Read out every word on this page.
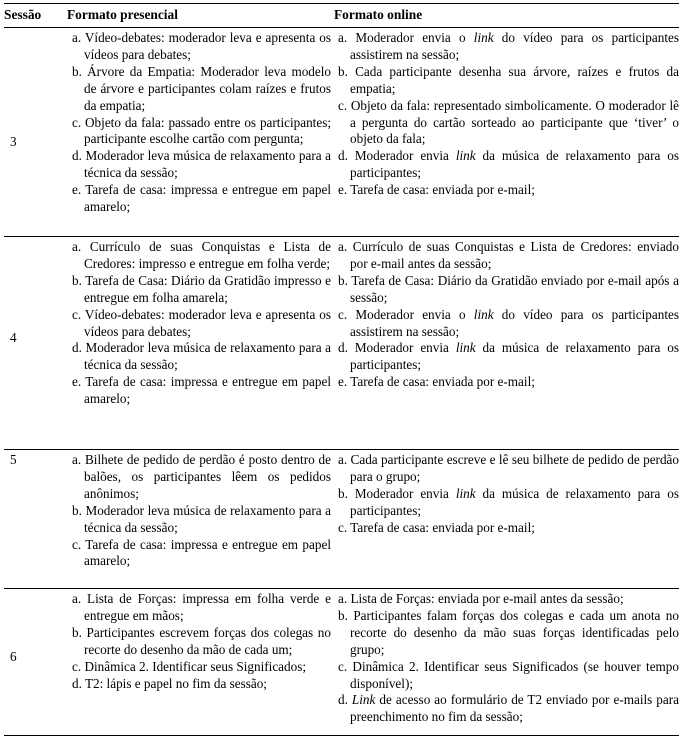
Sessão Formato presencial	Formato online
3
a. Vídeo-debates: moderador leva e apresenta os vídeos para debates;
b. Árvore da Empatia: Moderador leva modelo de árvore e participantes colam raízes e frutos da empatia;
c. Objeto da fala: passado entre os participantes; participante escolhe cartão com pergunta;
d. Moderador leva música de relaxamento para a técnica da sessão;
e. Tarefa de casa: impressa e entregue em papel amarelo;
a. Moderador envia o link do vídeo para os participantes assistirem na sessão;
b. Cada participante desenha sua árvore, raízes e frutos da empatia;
c. Objeto da fala: representado simbolicamente. O moderador lê a pergunta do cartão sorteado ao participante que ‘tiver’ o objeto da fala;
d. Moderador envia link da música de relaxamento para os participantes;
e. Tarefa de casa: enviada por e-mail;
4
a. Currículo de suas Conquistas e Lista de Credores: impresso e entregue em folha verde;
b. Tarefa de Casa: Diário da Gratidão impresso e entregue em folha amarela;
c. Vídeo-debates: moderador leva e apresenta os vídeos para debates;
d. Moderador leva música de relaxamento para a técnica da sessão;
e. Tarefa de casa: impressa e entregue em papel amarelo;
a. Currículo de suas Conquistas e Lista de Credores: enviado por e-mail antes da sessão;
b. Tarefa de Casa: Diário da Gratidão enviado por e-mail após a sessão;
c. Moderador envia o link do vídeo para os participantes assistirem na sessão;
d. Moderador envia link da música de relaxamento para os participantes;
e. Tarefa de casa: enviada por e-mail;
5	a. Bilhete de pedido de perdão é posto dentro de balões, os participantes lêem os pedidos anônimos;
b. Moderador leva música de relaxamento para a técnica da sessão;
c. Tarefa de casa: impressa e entregue em papel amarelo;
a. Cada participante escreve e lê seu bilhete de pedido de perdão para o grupo;
b. Moderador envia link da música de relaxamento para os participantes;
c. Tarefa de casa: enviada por e-mail;
6
a. Lista de Forças: impressa em folha verde e entregue em mãos;
b. Participantes escrevem forças dos colegas no recorte do desenho da mão de cada um;
c. Dinâmica 2. Identificar seus Significados;
d. T2: lápis e papel no fim da sessão;
a. Lista de Forças: enviada por e-mail antes da sessão;
b. Participantes falam forças dos colegas e cada um anota no recorte do desenho da mão suas forças identificadas pelo grupo;
c. Dinâmica 2. Identificar seus Significados (se houver tempo disponível);
d. Link de acesso ao formulário de T2 enviado por e-mails para preenchimento no fim da sessão;
